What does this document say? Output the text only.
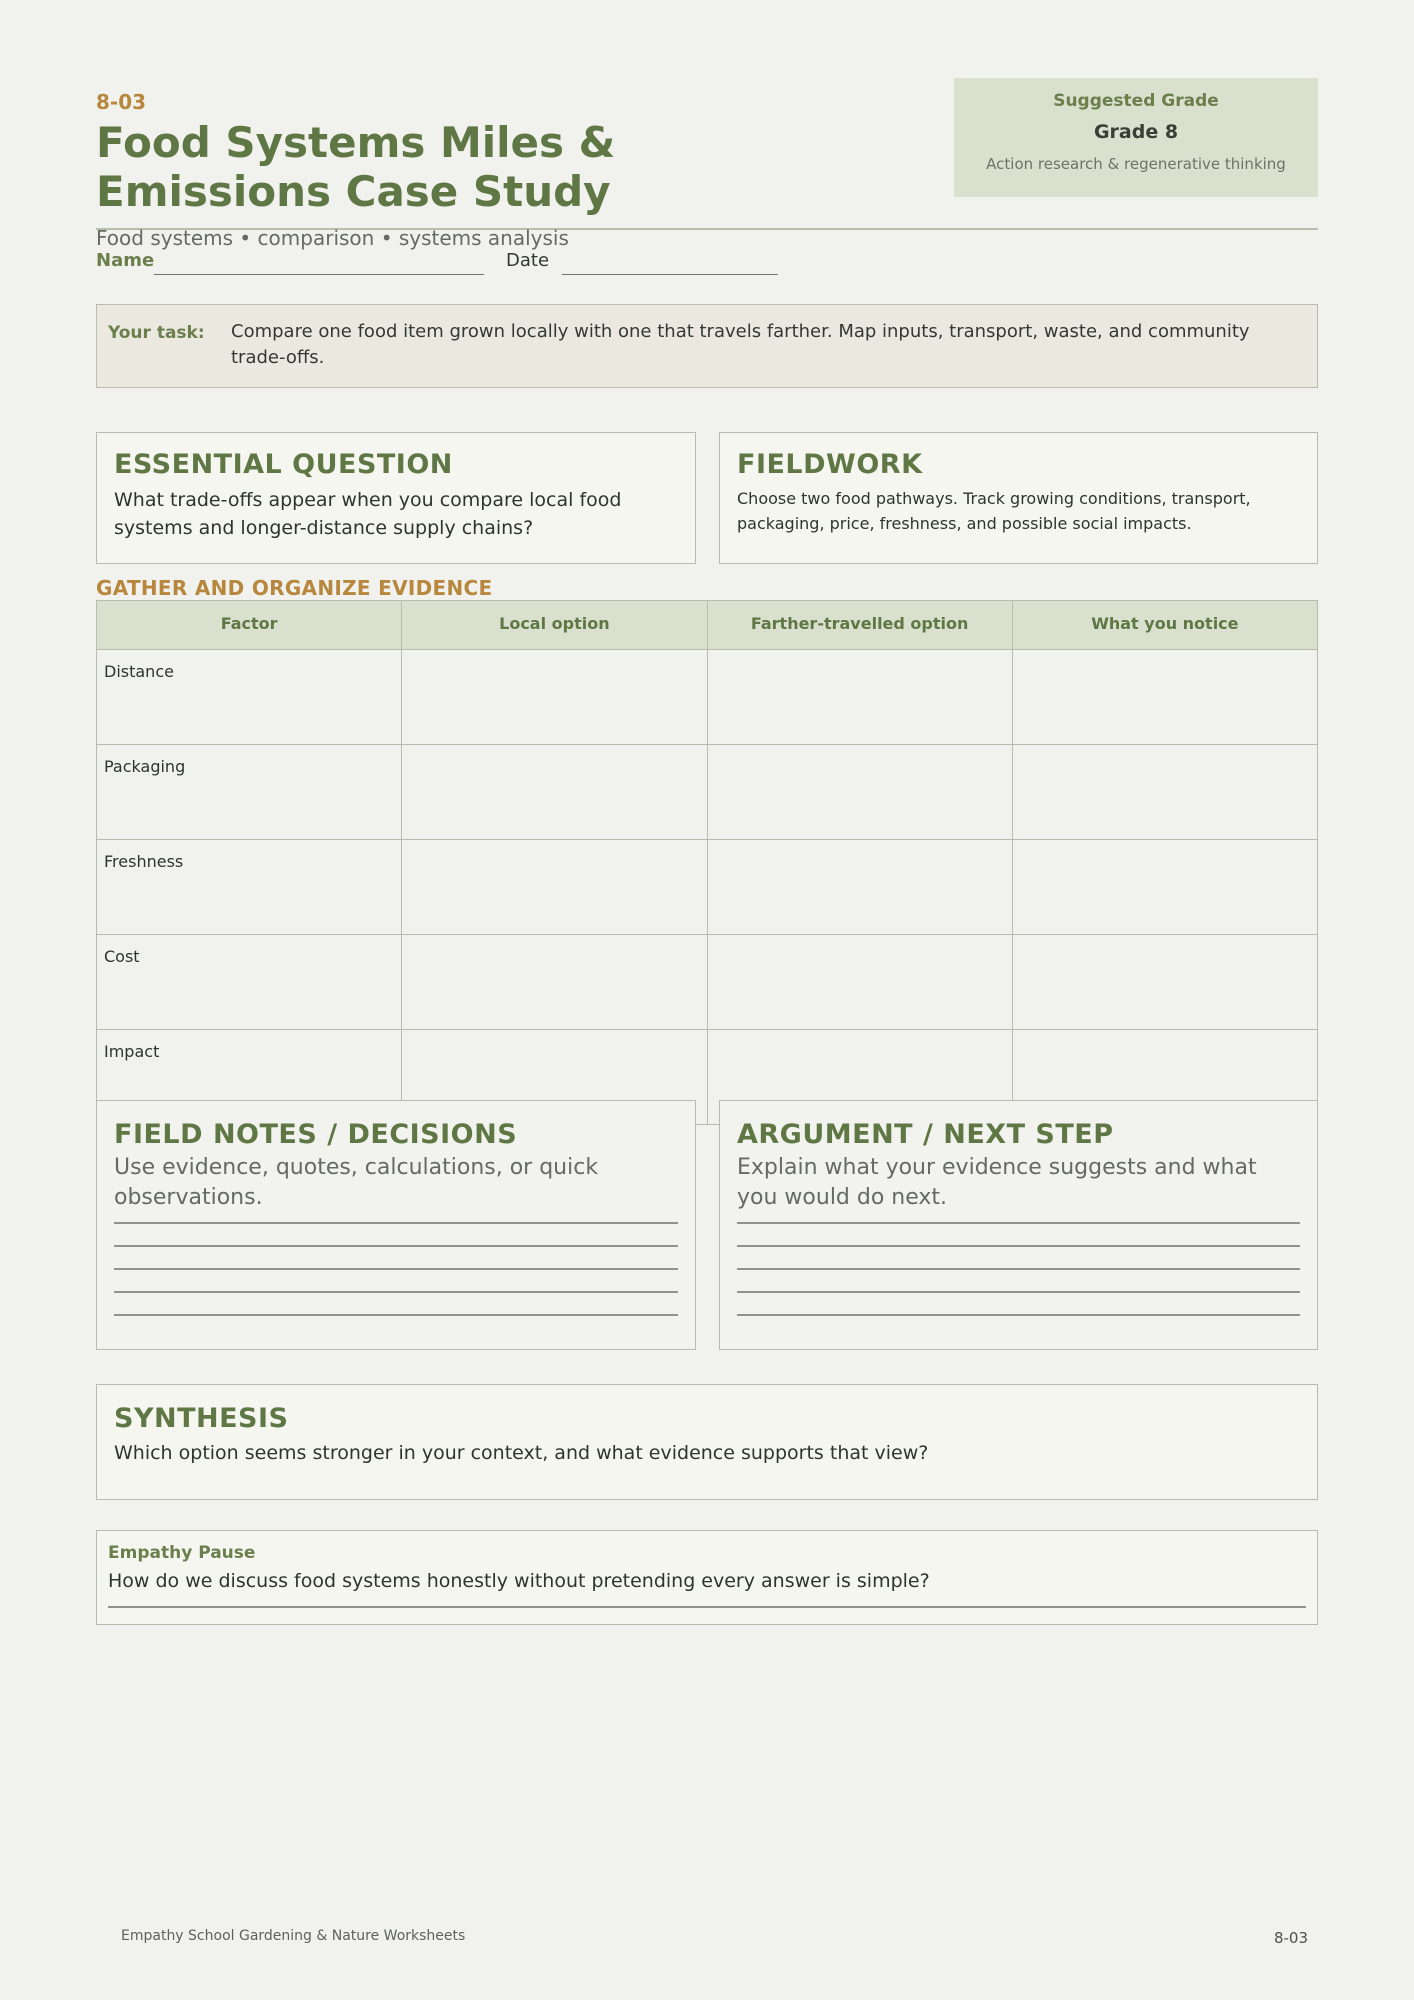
8-03
Food Systems Miles & Emissions Case Study
Food systems • comparison • systems analysis
Suggested Grade
Grade 8
Action research & regenerative thinking
Name	Date
Your task: Compare one food item grown locally with one that travels farther. Map inputs, transport, waste, and community trade-offs.
ESSENTIAL QUESTION
What trade-offs appear when you compare local food systems and longer-distance supply chains?
FIELDWORK
Choose two food pathways. Track growing conditions, transport, packaging, price, freshness, and possible social impacts.
GATHER AND ORGANIZE EVIDENCE
Factor	Local option	Farther-travelled option	What you notice
Distance			
Packaging			
Freshness			
Cost			
Impact			
FIELD NOTES / DECISIONS
Use evidence, quotes, calculations, or quick observations.
ARGUMENT / NEXT STEP
Explain what your evidence suggests and what you would do next.
SYNTHESIS
Which option seems stronger in your context, and what evidence supports that view?
Empathy Pause
How do we discuss food systems honestly without pretending every answer is simple?
Empathy School Gardening & Nature Worksheets	8-03
